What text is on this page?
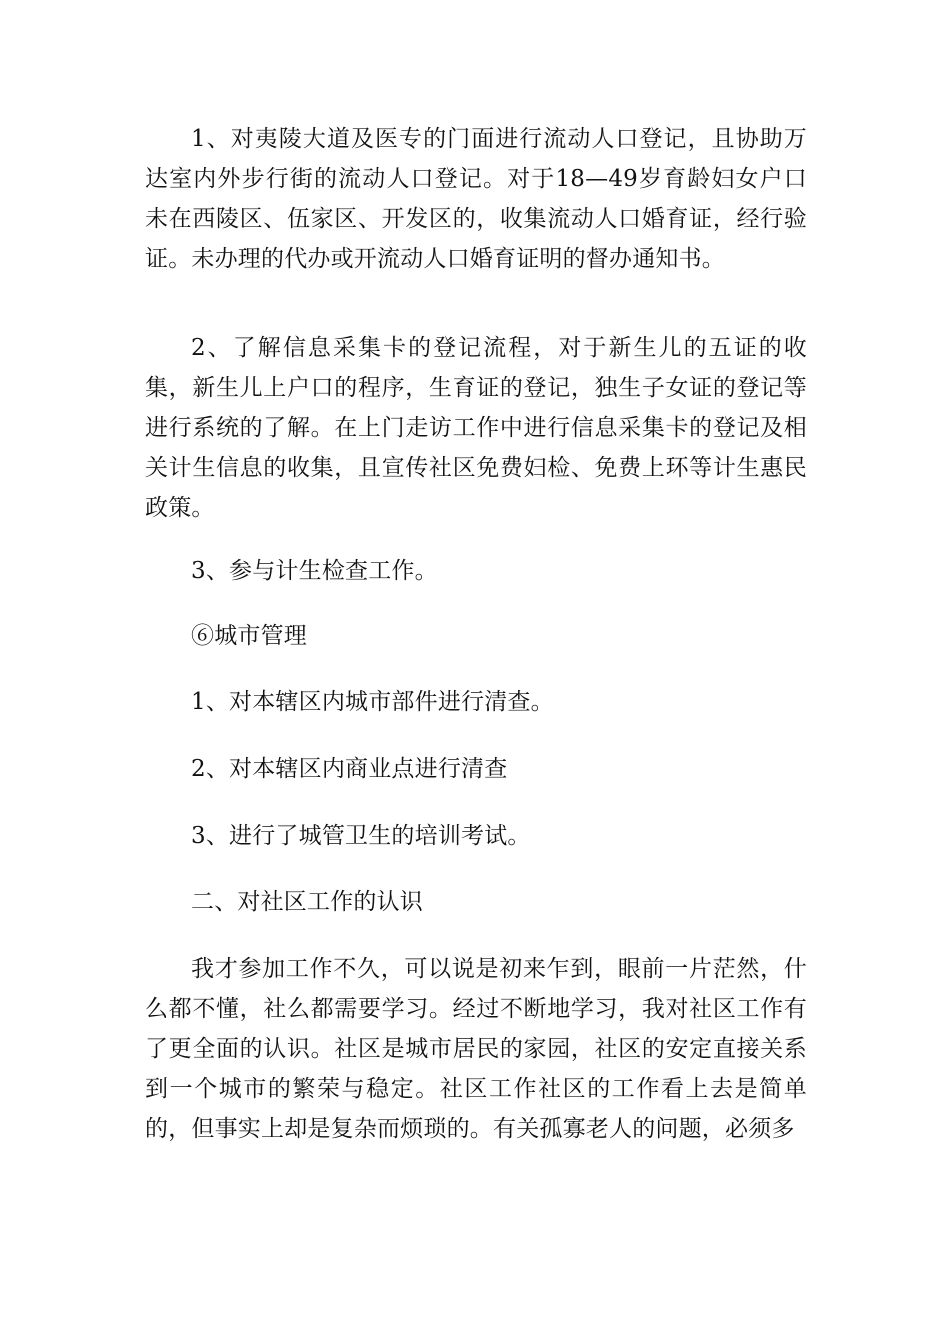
1、对夷陵大道及医专的门面进行流动人口登记，且协助万达室内外步行街的流动人口登记。对于18—49岁育龄妇女户口未在西陵区、伍家区、开发区的，收集流动人口婚育证，经行验证。未办理的代办或开流动人口婚育证明的督办通知书。

2、了解信息采集卡的登记流程，对于新生儿的五证的收集，新生儿上户口的程序，生育证的登记，独生子女证的登记等进行系统的了解。在上门走访工作中进行信息采集卡的登记及相关计生信息的收集，且宣传社区免费妇检、免费上环等计生惠民政策。

3、参与计生检查工作。

⑥城市管理

1、对本辖区内城市部件进行清查。

2、对本辖区内商业点进行清查

3、进行了城管卫生的培训考试。

二、对社区工作的认识

我才参加工作不久，可以说是初来乍到，眼前一片茫然，什么都不懂，社么都需要学习。经过不断地学习，我对社区工作有了更全面的认识。社区是城市居民的家园，社区的安定直接关系到一个城市的繁荣与稳定。社区工作社区的工作看上去是简单的，但事实上却是复杂而烦琐的。有关孤寡老人的问题，必须多
